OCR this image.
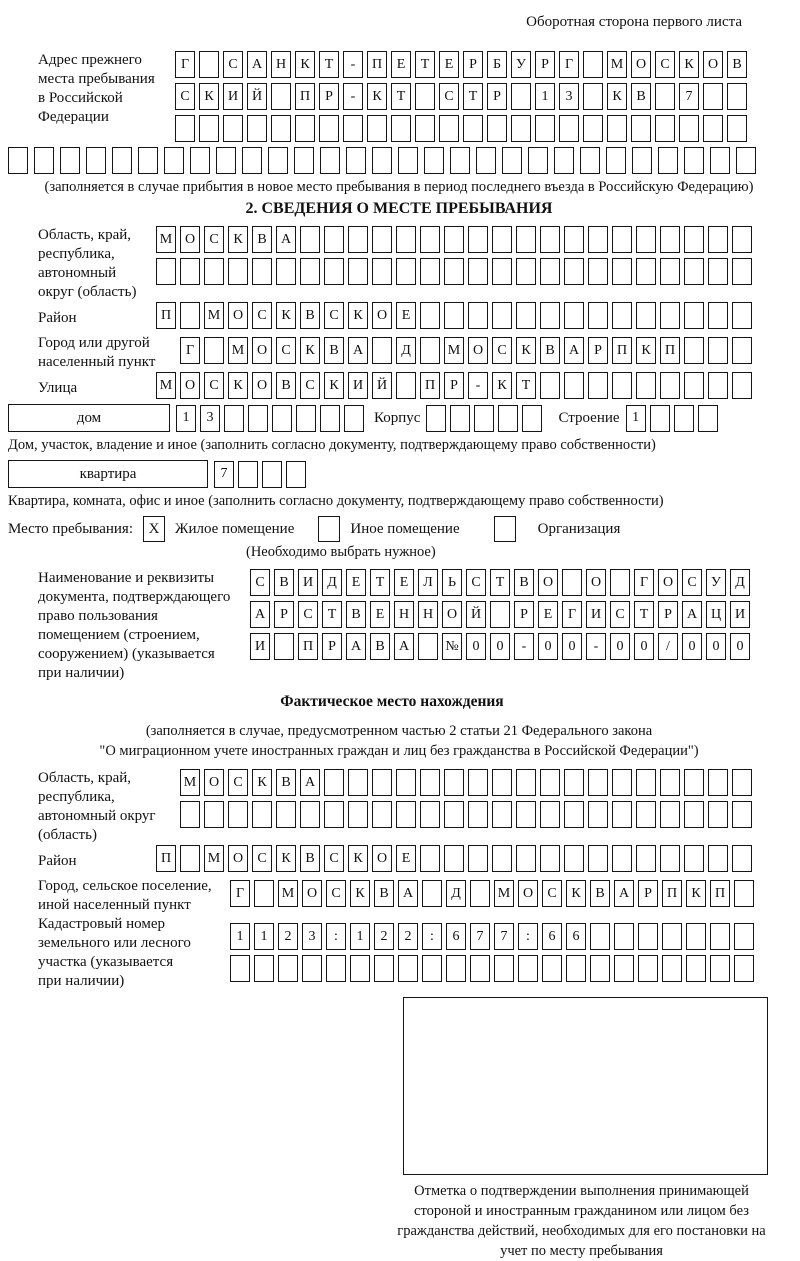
Оборотная сторона первого листа
Адрес прежнего
места пребывания
в Российской
Федерации
Г	С	А Н	К	Т	-	П	Е	Т	Е	Р	Б	У	Р	Г	М О	С	К	О	В
С	К	И Й	П	Р	-	К	Т	С	Т	Р	1	3	К	В	7
(заполняется в случае прибытия в новое место пребывания в период последнего въезда в Российскую Федерацию)
2. СВЕДЕНИЯ О МЕСТЕ ПРЕБЫВАНИЯ
Область, край,
республика,
автономный
округ (область)
М О	С	К	В	А
Район	П	М О	С	К	В	С	К	О	Е
Город или другой
населенный пункт
Г	М О	С	К	В	А	Д	М О	С	К	В	А	Р	П	К	П
Улица	М О	С	К	О	В	С	К	И Й	П	Р	-	К	Т
дом	1	3	Корпус	Строение 1
Дом, участок, владение и иное (заполнить согласно документу, подтверждающему право собственности)
квартира	7
Квартира, комната, офис и иное (заполнить согласно документу, подтверждающему право собственности)
Место пребывания:	X	Жилое помещение	Иное помещение	Организация
(Необходимо выбрать нужное)
Наименование и реквизиты
документа, подтверждающего
право пользования
помещением (строением,
сооружением) (указывается
при наличии)
С	В	И	Д	Е	Т	Е	Л	Ь	С	Т	В	О	О	Г	О	С	У	Д
А	Р	С	Т	В	Е	Н Н О Й	Р	Е	Г	И	С	Т	Р	А Ц И
И	П	Р	А	В	А	№ 0	0	-	0	0	-	0	0	/	0	0	0
Фактическое место нахождения
(заполняется в случае, предусмотренном частью 2 статьи 21 Федерального закона
"О миграционном учете иностранных граждан и лиц без гражданства в Российской Федерации")
Область, край,
республика,
автономный округ
(область)
М О	С	К	В	А
Район	П	М О	С	К	В	С	К	О	Е
Город, сельское поселение,
иной населенный пункт
Г	М О	С	К	В	А	Д	М О	С	К	В	А	Р	П	К	П
Кадастровый номер
земельного или лесного
участка (указывается
при наличии)
1	1	2	3	:	1	2	2	:	6	7	7	:	6	6
Отметка о подтверждении выполнения принимающей стороной и иностранным гражданином или лицом без гражданства действий, необходимых для его постановки на учет по месту пребывания
